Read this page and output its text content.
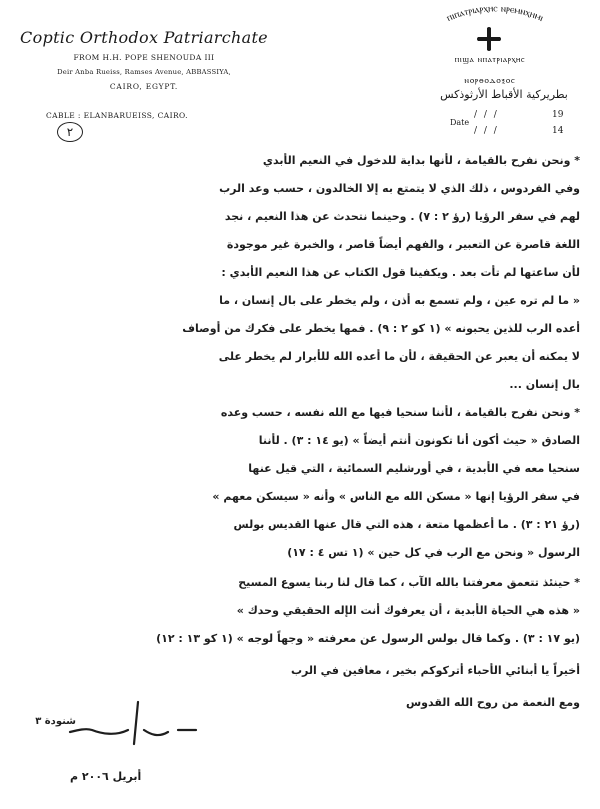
Coptic Orthodox Patriarchate
FROM H.H. POPE SHENOUDA III
Deir Anba Rueiss, Ramses Avenue, ABBASSIYA,
CAIRO, EGYPT.
CABLE : ELANBARUEISS, CAIRO.
٢
ⲡⲓⲡⲁⲧⲣⲓⲁⲣⲭⲏⲥ ⲛⲣⲉⲙⲛⲭⲏⲙⲓ
ⲡⲓϣⲁ ⲛⲡⲁⲧⲣⲓⲁⲣⲭⲏⲥ
ⲛⲟⲣⲑⲟⲇⲟⲝⲟⲥ
بطريركية الأقباط الأرثوذكس
Date
/ / /	19
/ / /	14
* ونحن نفرح بالقيامة ، لأنها بداية للدخول في النعيم الأبدي
وفي الفردوس ، ذلك الذي لا يتمتع به إلا الخالدون ، حسب وعد الرب
لهم في سفر الرؤيا (رؤ ٢ : ٧) . وحينما نتحدث عن هذا النعيم ، نجد
اللغة قاصرة عن التعبير ، والفهم أيضاً قاصر ، والخبرة غير موجودة
لأن ساعتها لم تأت بعد . ويكفينا قول الكتاب عن هذا النعيم الأبدي :
« ما لم تره عين ، ولم تسمع به أذن ، ولم يخطر على بال إنسان ، ما
أعده الرب للذين يحبونه » (١ كو ٢ : ٩) . فمها يخطر على فكرك من أوصاف
لا يمكنه أن يعبر عن الحقيقة ، لأن ما أعده الله للأبرار لم يخطر على
بال إنسان ...
* ونحن نفرح بالقيامة ، لأننا سنحيا فيها مع الله نفسه ، حسب وعده
الصادق « حيث أكون أنا تكونون أنتم أيضاً » (يو ١٤ : ٣) . لأننا
سنحيا معه في الأبدية ، في أورشليم السمائية ، التي قيل عنها
في سفر الرؤيا إنها « مسكن الله مع الناس » وأنه « سيسكن معهم »
(رؤ ٢١ : ٣) . ما أعظمها متعة ، هذه التي قال عنها القديس بولس
الرسول « ونحن مع الرب في كل حين » (١ تس ٤ : ١٧)
* حينئذ تتعمق معرفتنا بالله الآب ، كما قال لنا ربنا يسوع المسيح
« هذه هي الحياة الأبدية ، أن يعرفوك أنت الإله الحقيقي وحدك »
(يو ١٧ : ٣) . وكما قال بولس الرسول عن معرفته « وجهاً لوجه » (١ كو ١٣ : ١٢)
أخيراً يا أبنائي الأحباء أتركوكم بخير ، معافين في الرب
ومع النعمة من روح الله القدوس
شنودة ٣
أبريل ٢٠٠٦ م
